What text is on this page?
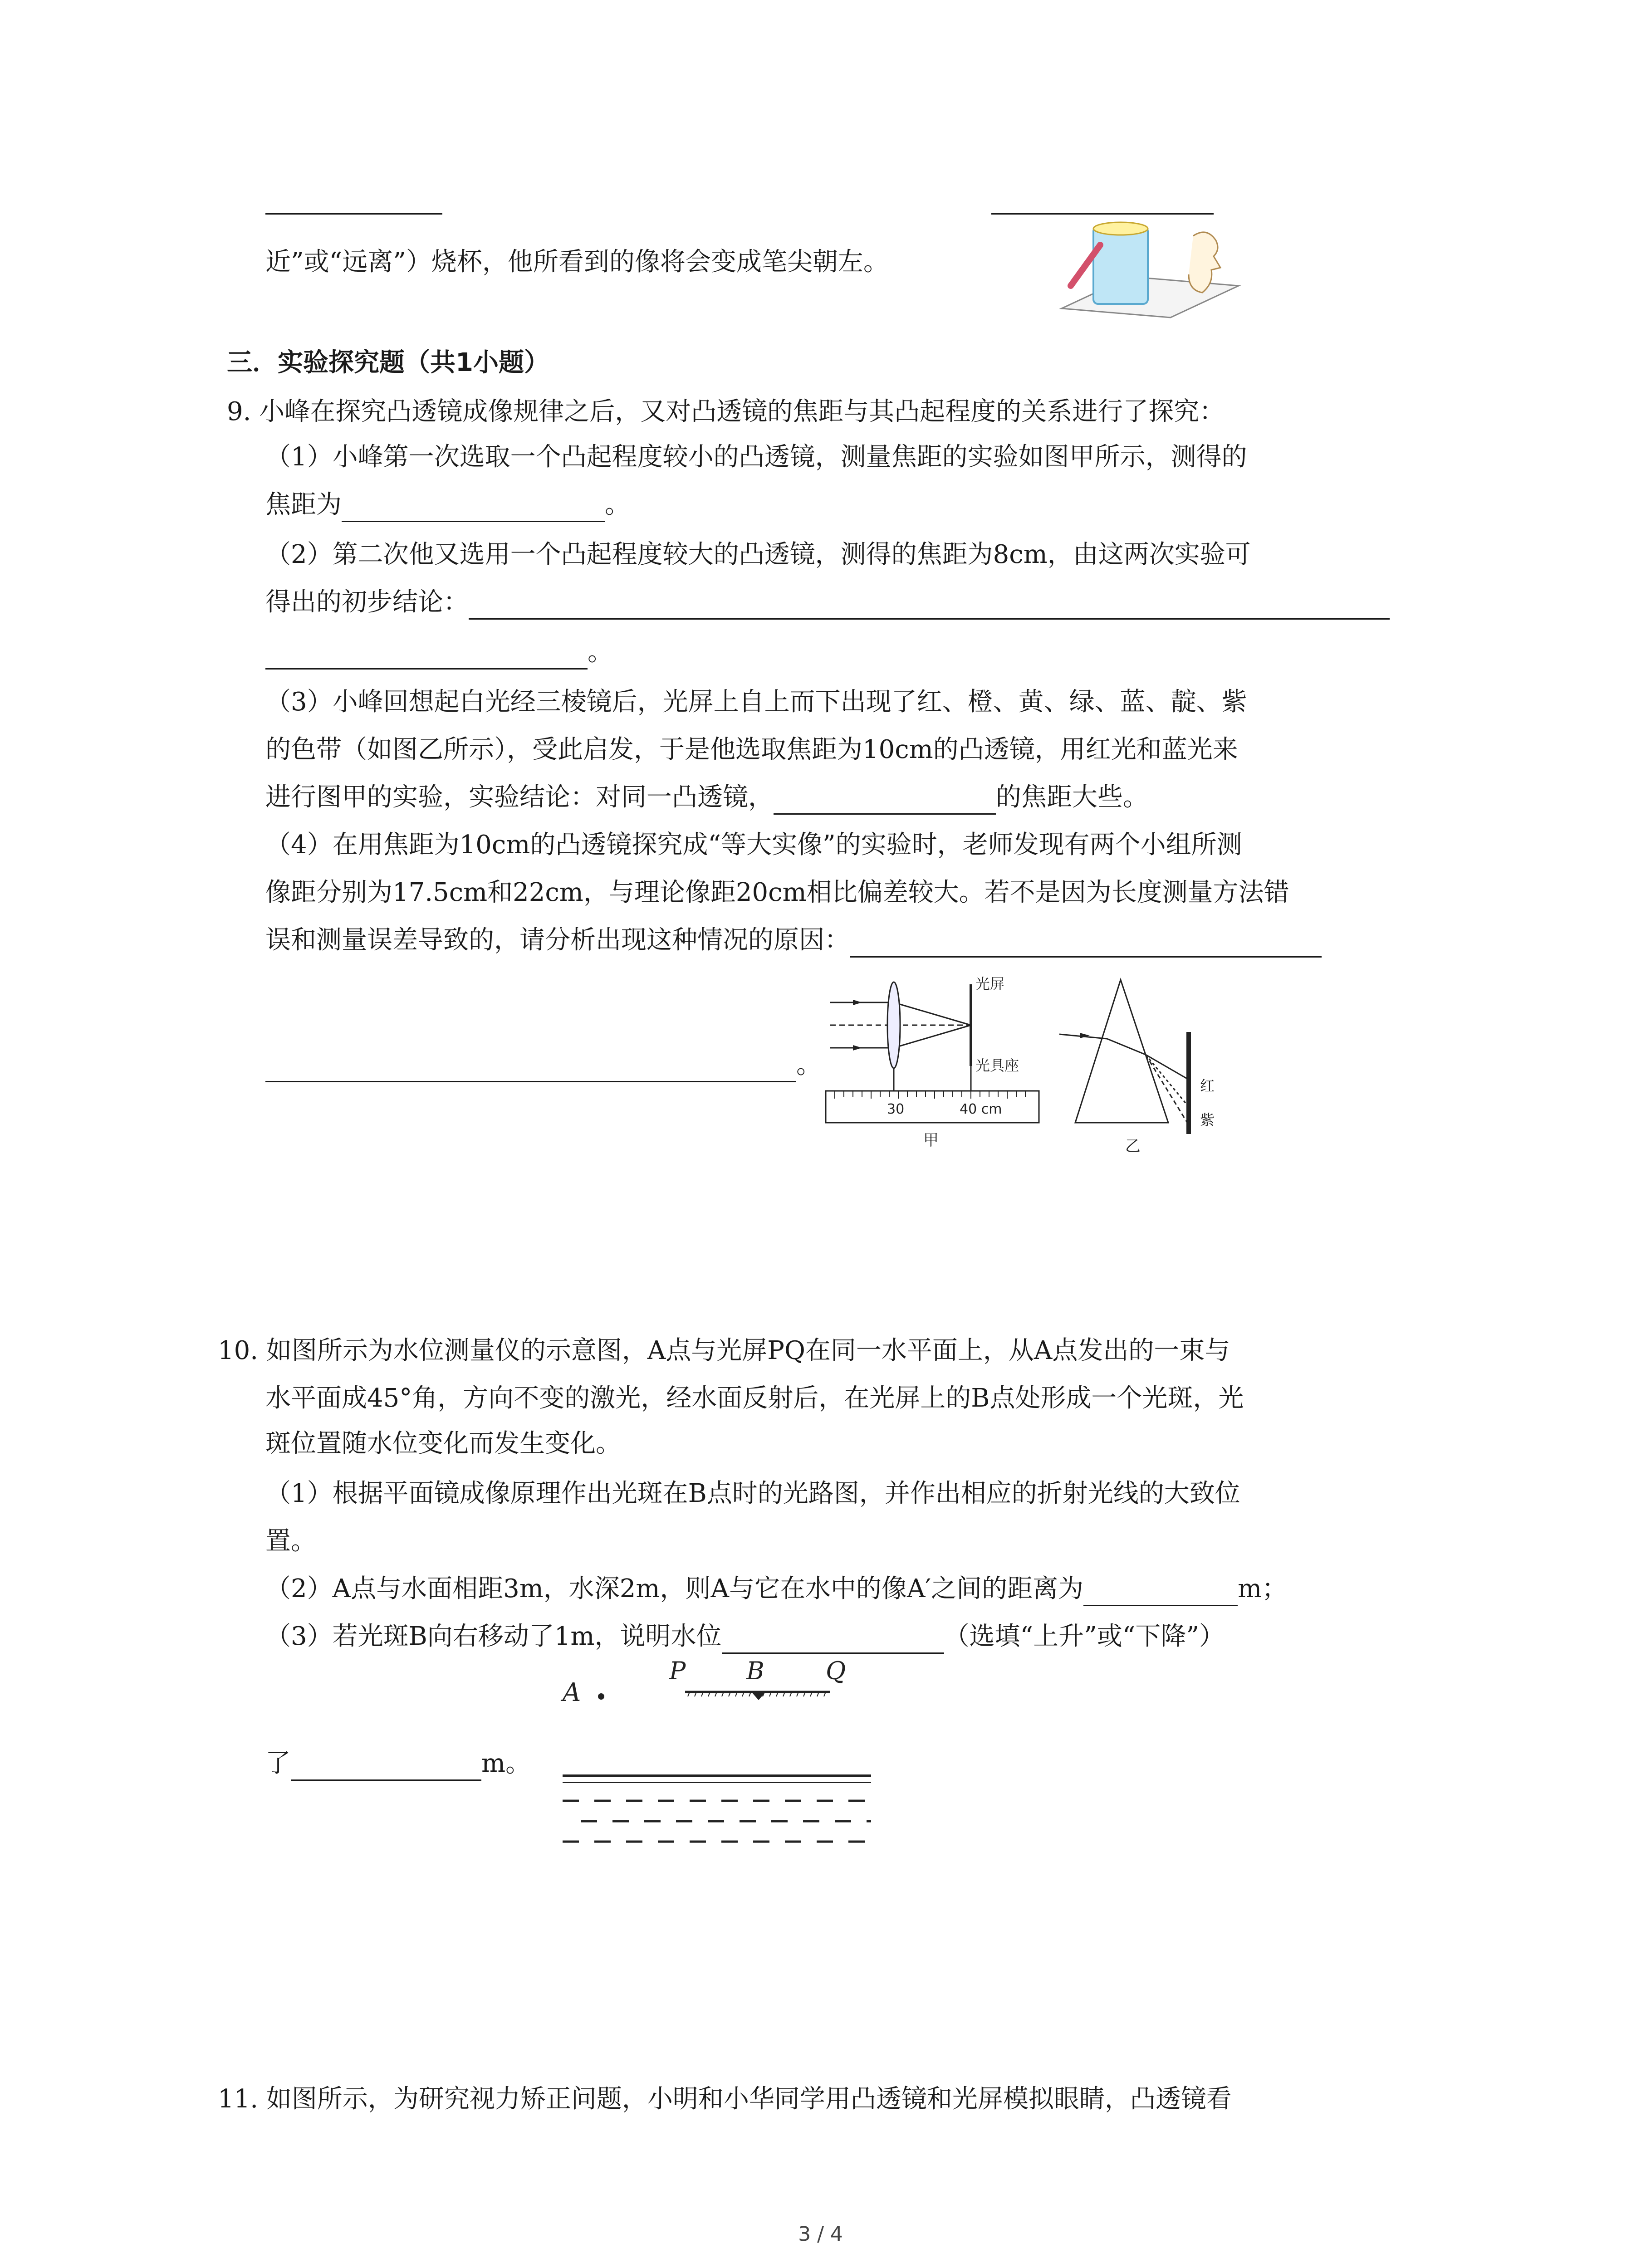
近”或“远离”）烧杯，他所看到的像将会变成笔尖朝左。
三．实验探究题（共1小题）
9. 小峰在探究凸透镜成像规律之后，又对凸透镜的焦距与其凸起程度的关系进行了探究：
（1）小峰第一次选取一个凸起程度较小的凸透镜，测量焦距的实验如图甲所示，测得的
焦距为	。
（2）第二次他又选用一个凸起程度较大的凸透镜，测得的焦距为8cm，由这两次实验可
得出的初步结论：
。
（3）小峰回想起白光经三棱镜后，光屏上自上而下出现了红、橙、黄、绿、蓝、靛、紫
的色带（如图乙所示），受此启发，于是他选取焦距为10cm的凸透镜，用红光和蓝光来
进行图甲的实验，实验结论：对同一凸透镜，	的焦距大些。
（4）在用焦距为10cm的凸透镜探究成“等大实像”的实验时，老师发现有两个小组所测
像距分别为17.5cm和22cm，与理论像距20cm相比偏差较大。若不是因为长度测量方法错
误和测量误差导致的，请分析出现这种情况的原因：
。
光屏
光具座
30	40 cm
甲
红
紫
乙
10. 如图所示为水位测量仪的示意图，A点与光屏PQ在同一水平面上，从A点发出的一束与
水平面成45°角，方向不变的激光，经水面反射后，在光屏上的B点处形成一个光斑，光
斑位置随水位变化而发生变化。
（1）根据平面镜成像原理作出光斑在B点时的光路图，并作出相应的折射光线的大致位
置。
（2）A点与水面相距3m，水深2m，则A与它在水中的像A′之间的距离为	m；
（3）若光斑B向右移动了1m，说明水位	（选填“上升”或“下降”）
了	m。
A
P B	Q
11. 如图所示，为研究视力矫正问题，小明和小华同学用凸透镜和光屏模拟眼睛，凸透镜看
3 / 4
